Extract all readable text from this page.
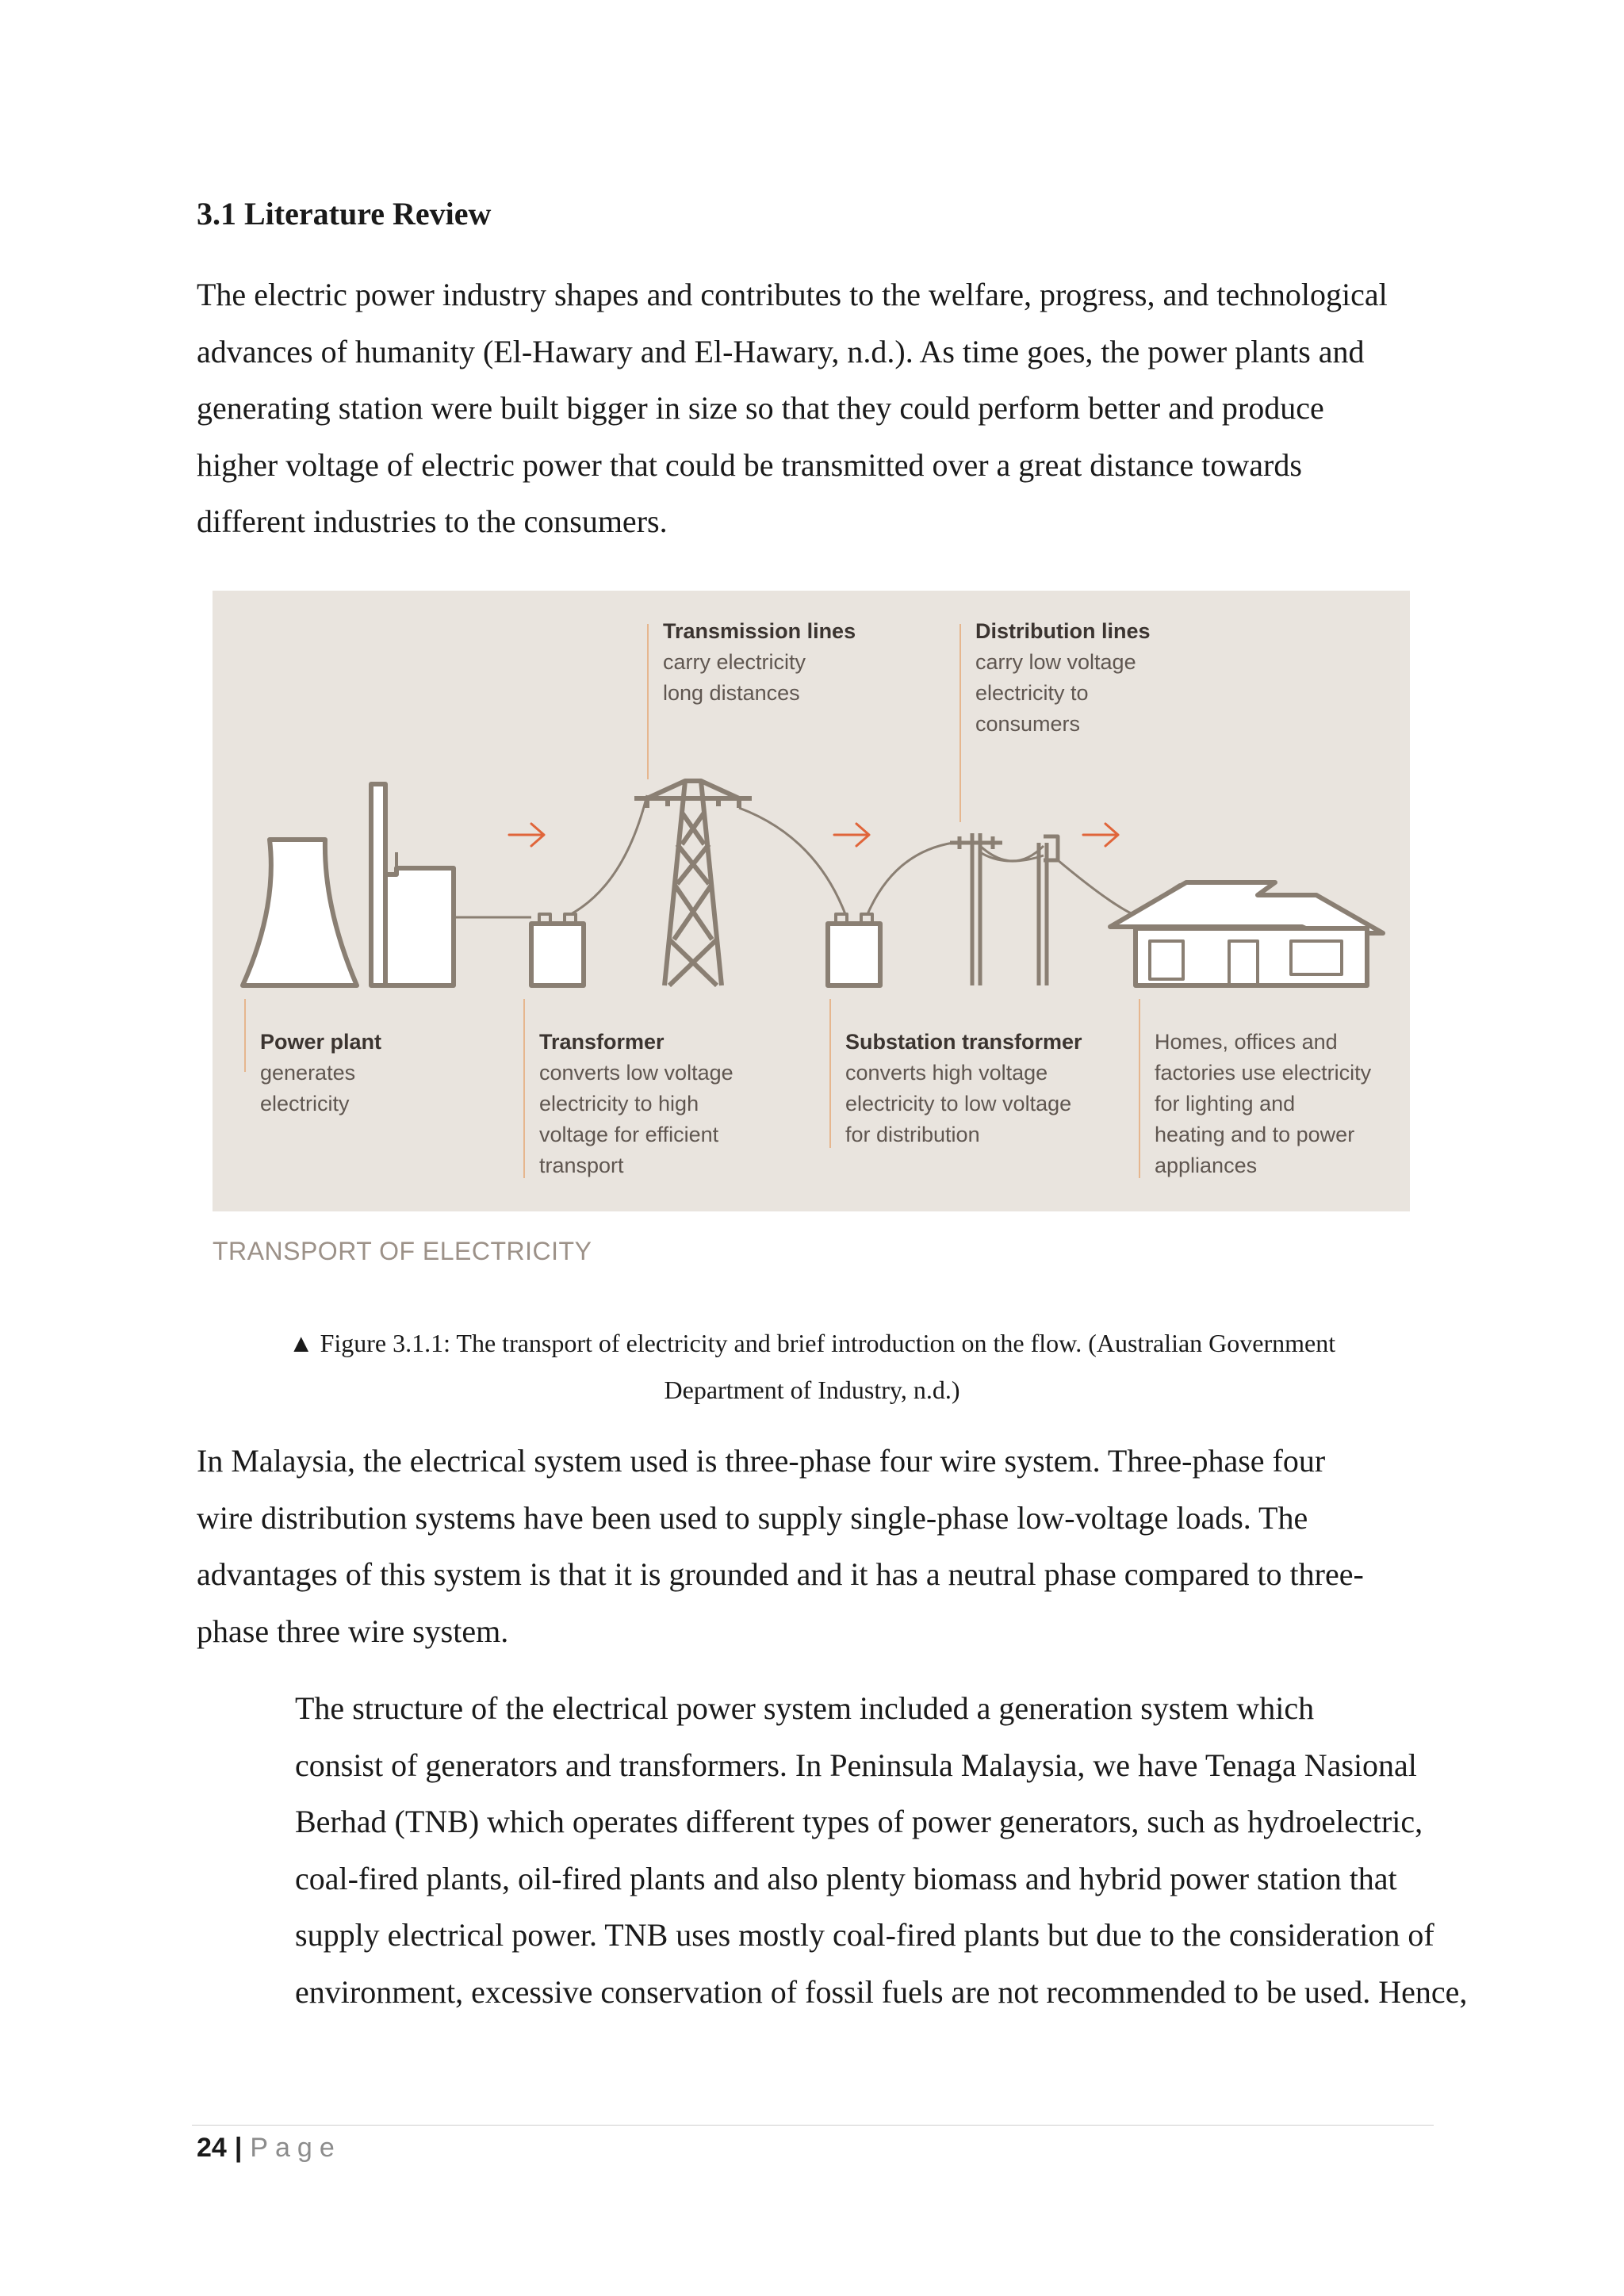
3.1 Literature Review

The electric power industry shapes and contributes to the welfare, progress, and technological
advances of humanity (El-Hawary and El-Hawary, n.d.). As time goes, the power plants and
generating station were built bigger in size so that they could perform better and produce
higher voltage of electric power that could be transmitted over a great distance towards
different industries to the consumers.

Transmission lines
carry electricity
long distances
Distribution lines
carry low voltage
electricity to
consumers
Power plant
generates
electricity
Transformer
converts low voltage
electricity to high
voltage for efficient
transport
Substation transformer
converts high voltage
electricity to low voltage
for distribution
Homes, offices and
factories use electricity
for lighting and
heating and to power
appliances

TRANSPORT OF ELECTRICITY

▲ Figure 3.1.1: The transport of electricity and brief introduction on the flow. (Australian Government
Department of Industry, n.d.)

In Malaysia, the electrical system used is three-phase four wire system. Three-phase four
wire distribution systems have been used to supply single-phase low-voltage loads. The
advantages of this system is that it is grounded and it has a neutral phase compared to three-
phase three wire system.

The structure of the electrical power system included a generation system which
consist of generators and transformers. In Peninsula Malaysia, we have Tenaga Nasional
Berhad (TNB) which operates different types of power generators, such as hydroelectric,
coal-fired plants, oil-fired plants and also plenty biomass and hybrid power station that
supply electrical power. TNB uses mostly coal-fired plants but due to the consideration of
environment, excessive conservation of fossil fuels are not recommended to be used. Hence,

24 | Page
